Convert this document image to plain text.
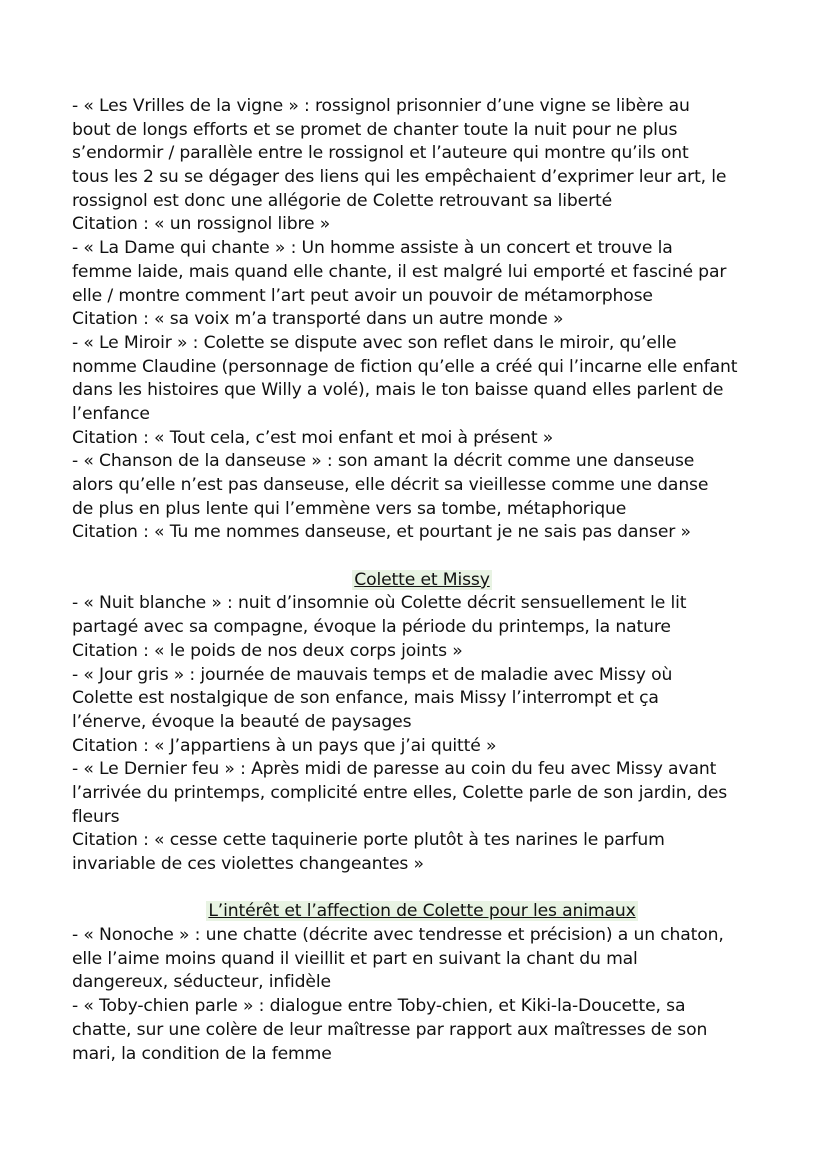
- « Les Vrilles de la vigne » : rossignol prisonnier d’une vigne se libère au
bout de longs efforts et se promet de chanter toute la nuit pour ne plus
s’endormir / parallèle entre le rossignol et l’auteure qui montre qu’ils ont
tous les 2 su se dégager des liens qui les empêchaient d’exprimer leur art, le
rossignol est donc une allégorie de Colette retrouvant sa liberté
Citation : « un rossignol libre »
- « La Dame qui chante » : Un homme assiste à un concert et trouve la
femme laide, mais quand elle chante, il est malgré lui emporté et fasciné par
elle / montre comment l’art peut avoir un pouvoir de métamorphose
Citation : « sa voix m’a transporté dans un autre monde »
- « Le Miroir » : Colette se dispute avec son reflet dans le miroir, qu’elle
nomme Claudine (personnage de fiction qu’elle a créé qui l’incarne elle enfant
dans les histoires que Willy a volé), mais le ton baisse quand elles parlent de
l’enfance
Citation : « Tout cela, c’est moi enfant et moi à présent »
- « Chanson de la danseuse » : son amant la décrit comme une danseuse
alors qu’elle n’est pas danseuse, elle décrit sa vieillesse comme une danse
de plus en plus lente qui l’emmène vers sa tombe, métaphorique
Citation : « Tu me nommes danseuse, et pourtant je ne sais pas danser »
Colette et Missy
- « Nuit blanche » : nuit d’insomnie où Colette décrit sensuellement le lit
partagé avec sa compagne, évoque la période du printemps, la nature
Citation : « le poids de nos deux corps joints »
- « Jour gris » : journée de mauvais temps et de maladie avec Missy où
Colette est nostalgique de son enfance, mais Missy l’interrompt et ça
l’énerve, évoque la beauté de paysages
Citation : « J’appartiens à un pays que j’ai quitté »
- « Le Dernier feu » : Après midi de paresse au coin du feu avec Missy avant
l’arrivée du printemps, complicité entre elles, Colette parle de son jardin, des
fleurs
Citation : « cesse cette taquinerie porte plutôt à tes narines le parfum
invariable de ces violettes changeantes »
L’intérêt et l’affection de Colette pour les animaux
- « Nonoche » : une chatte (décrite avec tendresse et précision) a un chaton,
elle l’aime moins quand il vieillit et part en suivant la chant du mal
dangereux, séducteur, infidèle
- « Toby-chien parle » : dialogue entre Toby-chien, et Kiki-la-Doucette, sa
chatte, sur une colère de leur maîtresse par rapport aux maîtresses de son
mari, la condition de la femme
